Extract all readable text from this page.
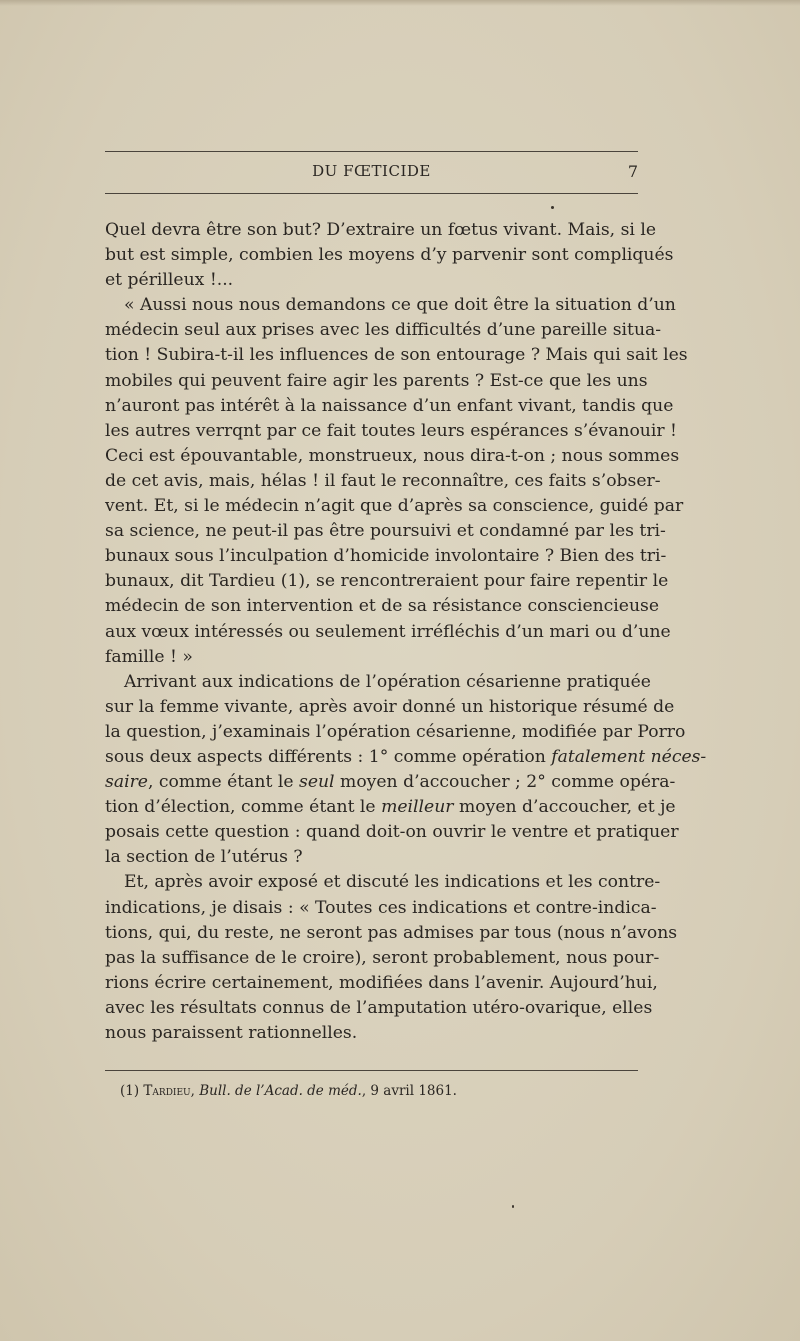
DU FŒTICIDE	7
Quel devra être son but? D’extraire un fœtus vivant. Mais, si le
but est simple, combien les moyens d’y parvenir sont compliqués
et périlleux !...
« Aussi nous nous demandons ce que doit être la situation d’un
médecin seul aux prises avec les difficultés d’une pareille situa-
tion ! Subira-t-il les influences de son entourage ? Mais qui sait les
mobiles qui peuvent faire agir les parents ? Est-ce que les uns
n’auront pas intérêt à la naissance d’un enfant vivant, tandis que
les autres verrqnt par ce fait toutes leurs espérances s’évanouir !
Ceci est épouvantable, monstrueux, nous dira-t-on ; nous sommes
de cet avis, mais, hélas ! il faut le reconnaître, ces faits s’obser-
vent. Et, si le médecin n’agit que d’après sa conscience, guidé par
sa science, ne peut-il pas être poursuivi et condamné par les tri-
bunaux sous l’inculpation d’homicide involontaire ? Bien des tri-
bunaux, dit Tardieu (1), se rencontreraient pour faire repentir le
médecin de son intervention et de sa résistance consciencieuse
aux vœux intéressés ou seulement irréfléchis d’un mari ou d’une
famille ! »
Arrivant aux indications de l’opération césarienne pratiquée
sur la femme vivante, après avoir donné un historique résumé de
la question, j’examinais l’opération césarienne, modifiée par Porro
sous deux aspects différents : 1° comme opération fatalement néces-
saire, comme étant le seul moyen d’accoucher ; 2° comme opéra-
tion d’élection, comme étant le meilleur moyen d’accoucher, et je
posais cette question : quand doit-on ouvrir le ventre et pratiquer
la section de l’utérus ?
Et, après avoir exposé et discuté les indications et les contre-
indications, je disais : « Toutes ces indications et contre-indica-
tions, qui, du reste, ne seront pas admises par tous (nous n’avons
pas la suffisance de le croire), seront probablement, nous pour-
rions écrire certainement, modifiées dans l’avenir. Aujourd’hui,
avec les résultats connus de l’amputation utéro-ovarique, elles
nous paraissent rationnelles.
(1) Tardieu, Bull. de l’Acad. de méd., 9 avril 1861.
